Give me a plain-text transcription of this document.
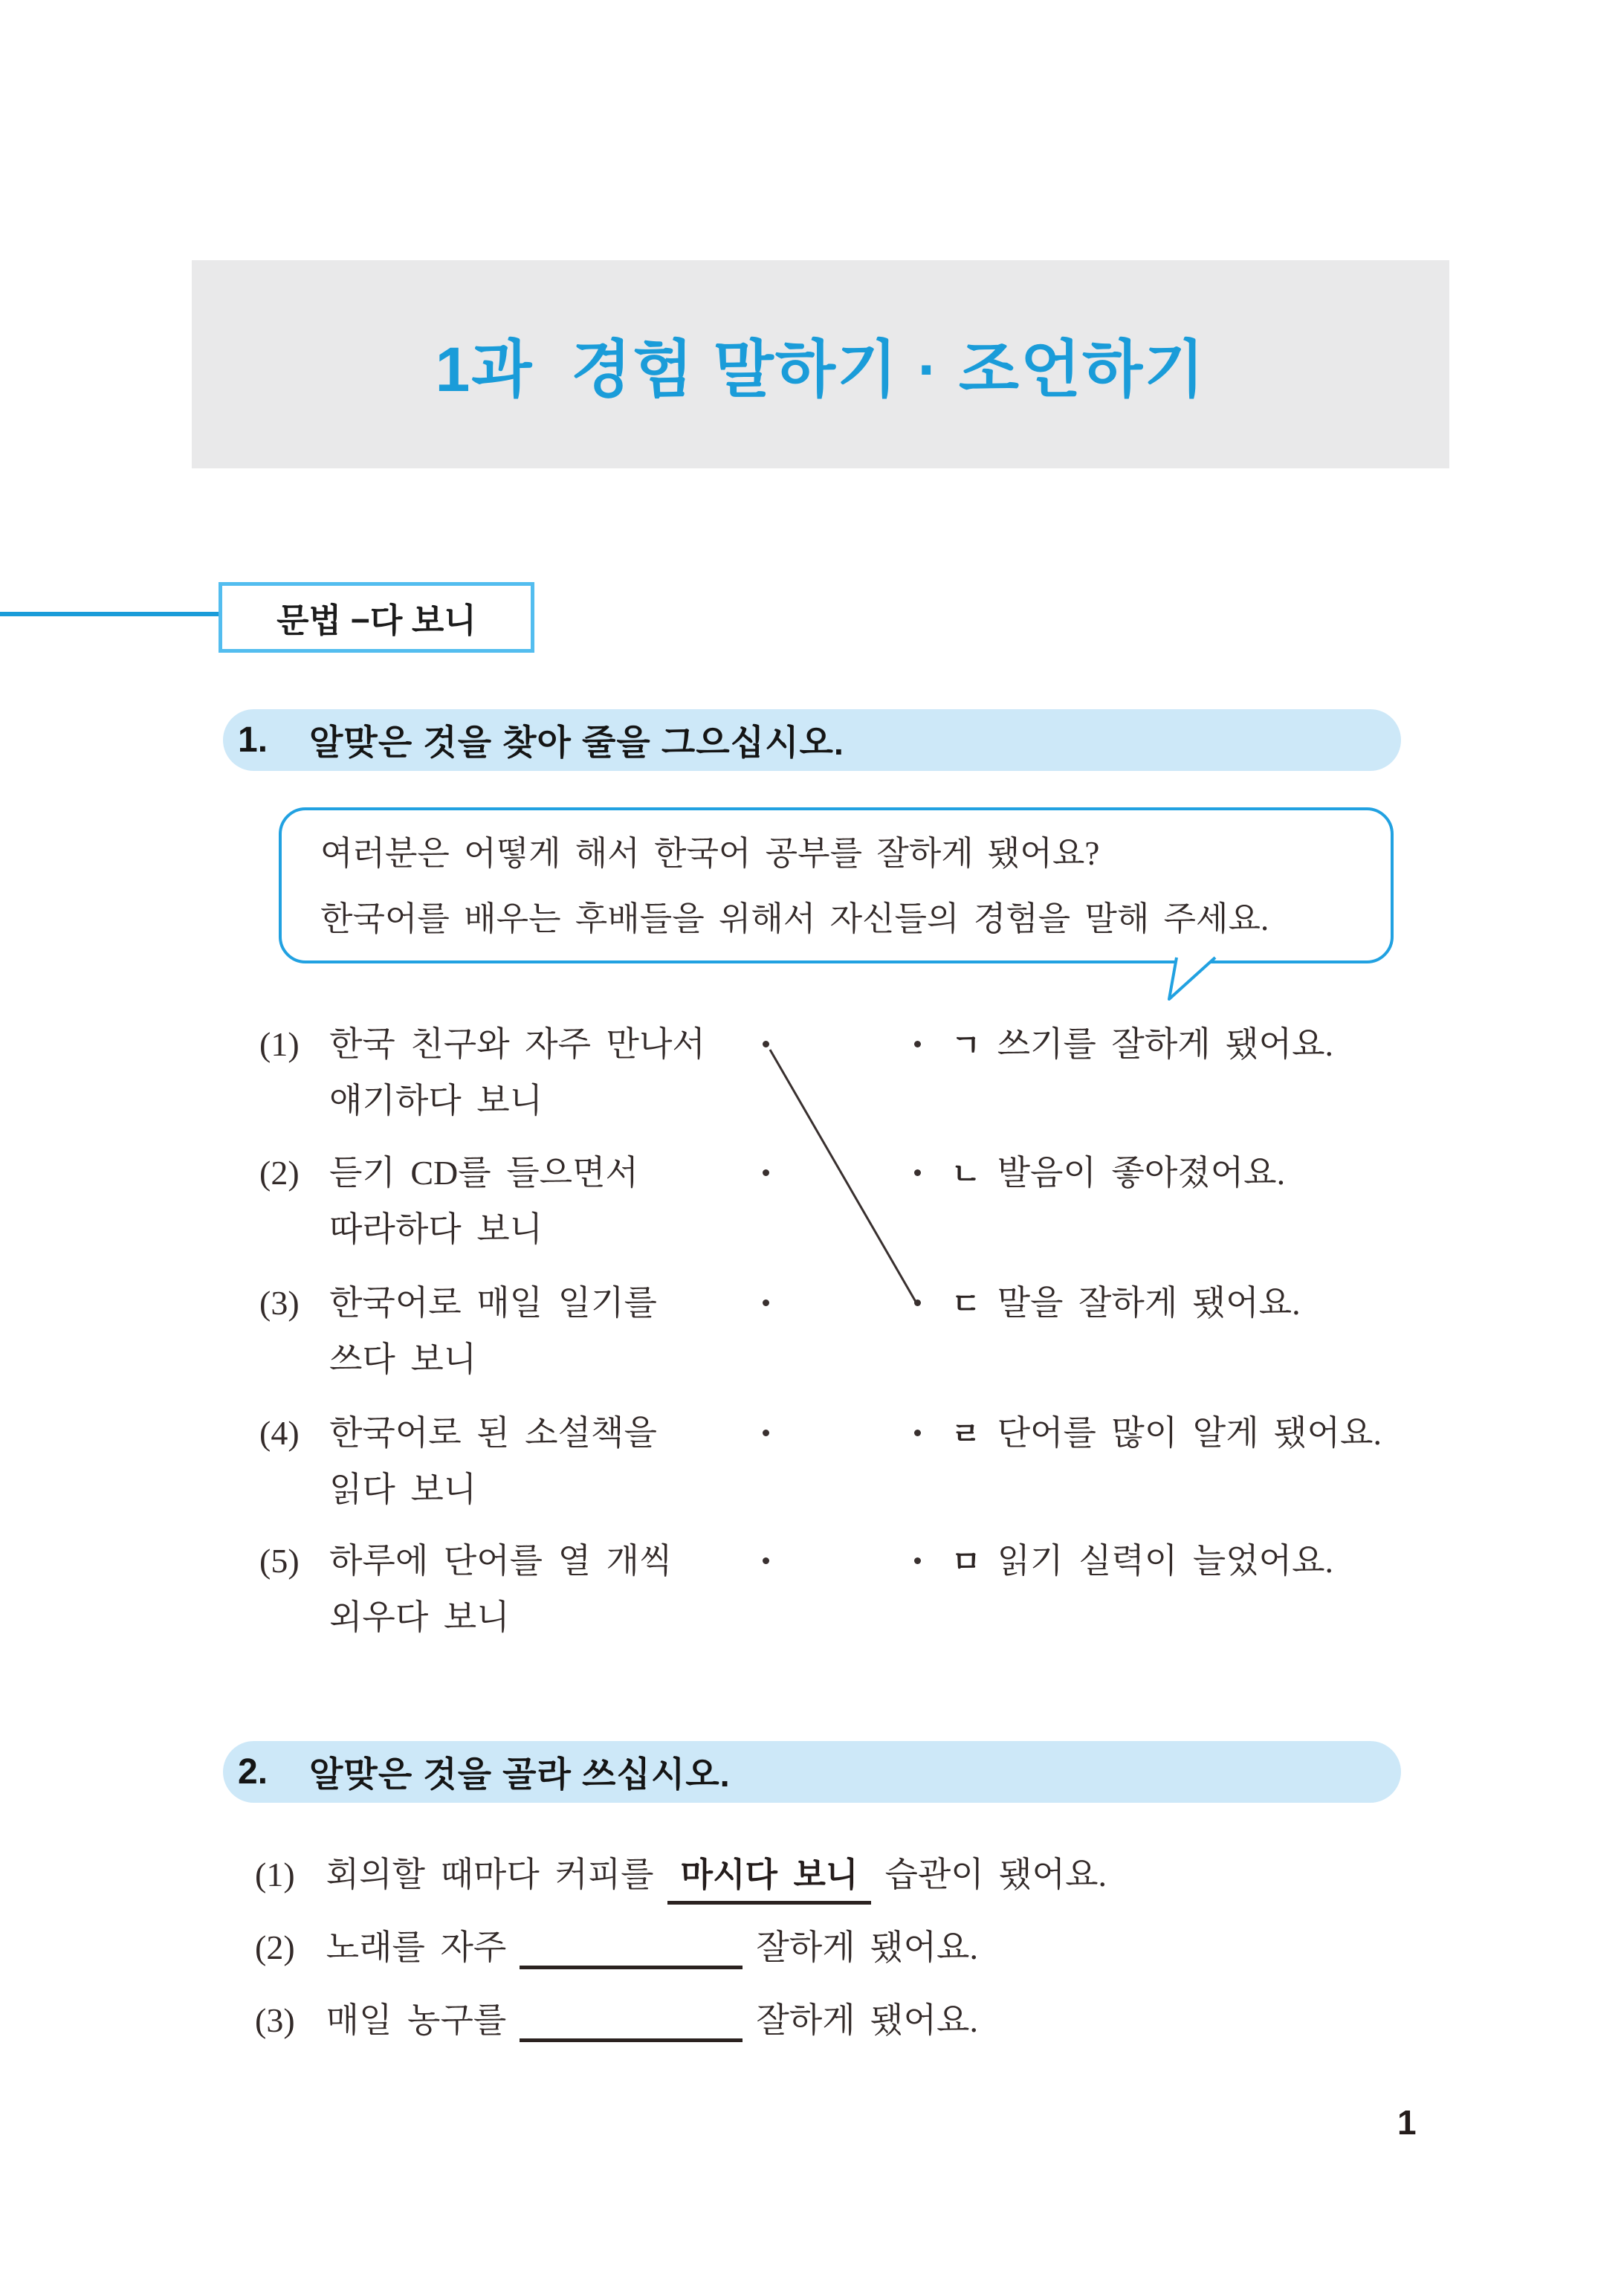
1과  경험 말하기 · 조언하기
문법 −다 보니
1. 알맞은 것을 찾아 줄을 그으십시오.

여러분은 어떻게 해서 한국어 공부를 잘하게 됐어요?

한국어를 배우는 후배들을 위해서 자신들의 경험을 말해 주세요.

(1) 한국 친구와 자주 만나서
얘기하다 보니
(2) 듣기 CD를 들으면서
따라하다 보니
(3) 한국어로 매일 일기를
쓰다 보니
(4) 한국어로 된 소설책을
읽다 보니
(5) 하루에 단어를 열 개씩
외우다 보니
ㄱ 쓰기를 잘하게 됐어요.
ㄴ 발음이 좋아졌어요.
ㄷ 말을 잘하게 됐어요.
ㄹ 단어를 많이 알게 됐어요.
ㅁ 읽기 실력이 늘었어요.
2. 알맞은 것을 골라 쓰십시오.
(1) 회의할 때마다 커피를 마시다 보니 습관이 됐어요.
(2) 노래를 자주	잘하게 됐어요.
(3) 매일 농구를	잘하게 됐어요.
1
